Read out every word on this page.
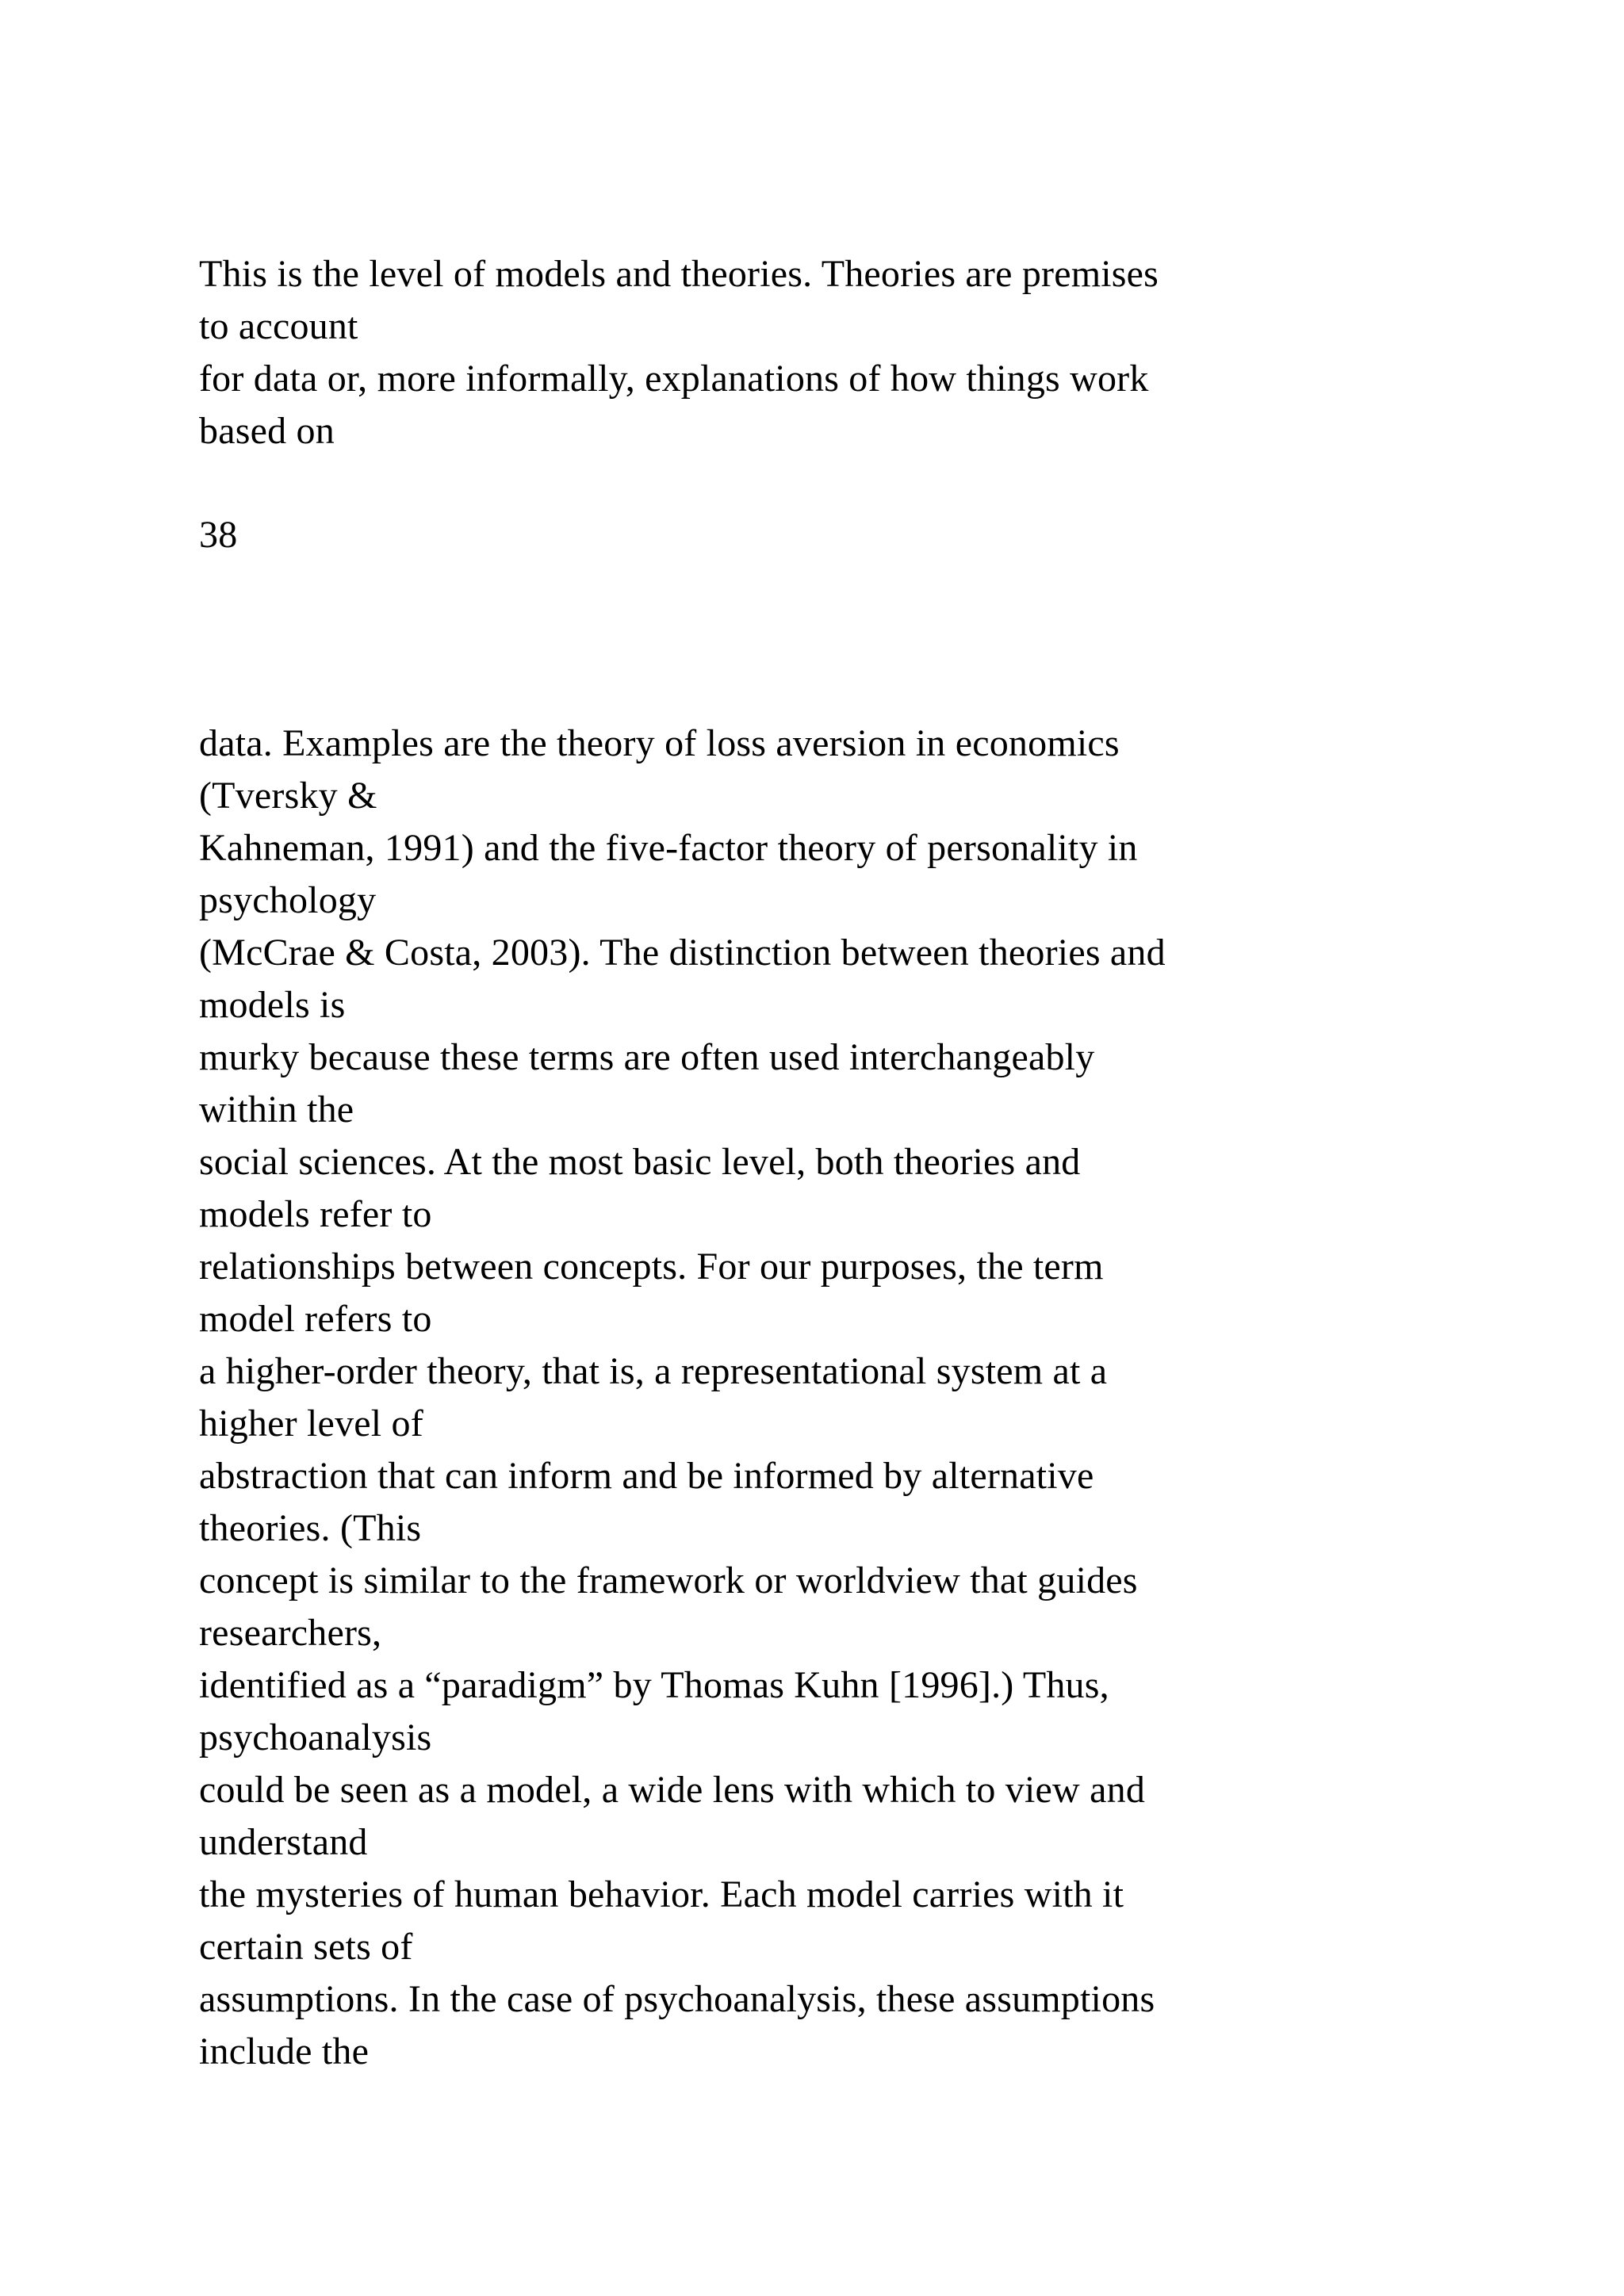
This is the level of models and theories. Theories are premises
to account
for data or, more informally, explanations of how things work
based on
38
data. Examples are the theory of loss aversion in economics
(Tversky &
Kahneman, 1991) and the five-factor theory of personality in
psychology
(McCrae & Costa, 2003). The distinction between theories and
models is
murky because these terms are often used interchangeably
within the
social sciences. At the most basic level, both theories and
models refer to
relationships between concepts. For our purposes, the term
model refers to
a higher-order theory, that is, a representational system at a
higher level of
abstraction that can inform and be informed by alternative
theories. (This
concept is similar to the framework or worldview that guides
researchers,
identified as a “paradigm” by Thomas Kuhn [1996].) Thus,
psychoanalysis
could be seen as a model, a wide lens with which to view and
understand
the mysteries of human behavior. Each model carries with it
certain sets of
assumptions. In the case of psychoanalysis, these assumptions
include the
